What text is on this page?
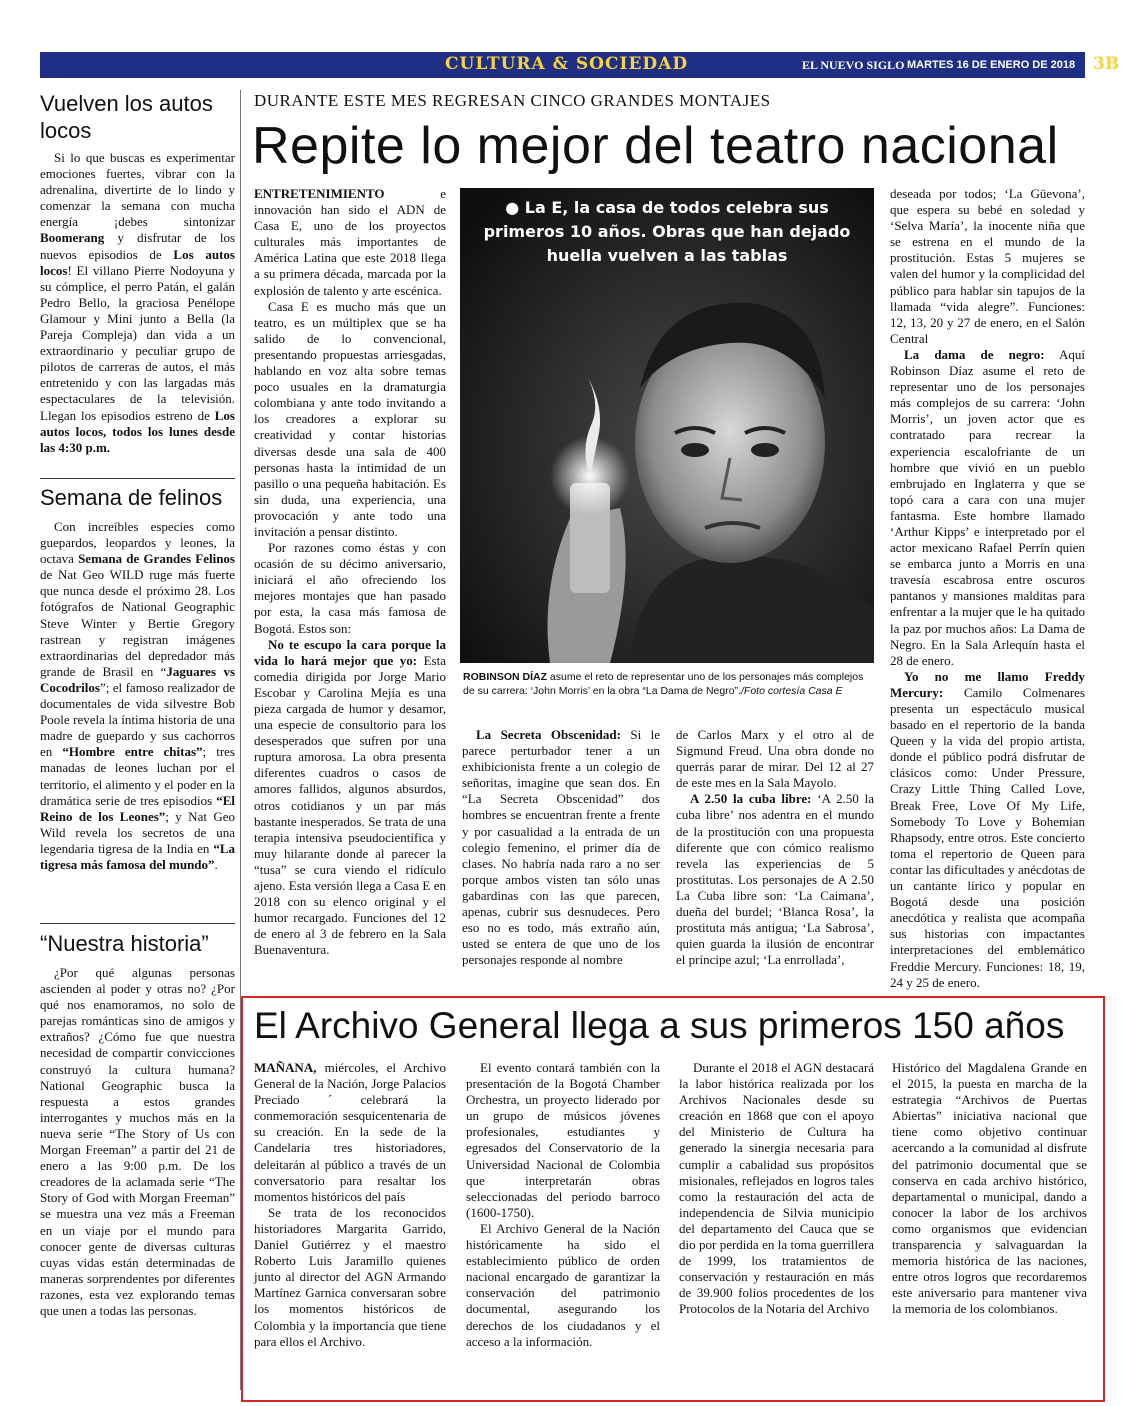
CULTURA & SOCIEDAD	EL NUEVO SIGLO MARTES 16 DE ENERO DE 2018 3B
Vuelven los autos locos

Si lo que buscas es experimentar emociones fuertes, vibrar con la adrenalina, divertirte de lo lindo y comenzar la semana con mucha energía ¡debes sintonizar Boomerang y disfrutar de los nuevos episodios de Los autos locos! El villano Pierre Nodoyuna y su cómplice, el perro Patán, el galán Pedro Bello, la graciosa Penélope Glamour y Mini junto a Bella (la Pareja Compleja) dan vida a un extraordinario y peculiar grupo de pilotos de carreras de autos, el más entretenido y con las largadas más espectaculares de la televisión. Llegan los episodios estreno de Los autos locos, todos los lunes desde las 4:30 p.m.

Semana de felinos

Con increíbles especies como guepardos, leopardos y leones, la octava Semana de Grandes Felinos de Nat Geo WILD ruge más fuerte que nunca desde el próximo 28. Los fotógrafos de National Geographic Steve Winter y Bertie Gregory rastrean y registran imágenes extraordinarias del depredador más grande de Brasil en “Jaguares vs Cocodrilos”; el famoso realizador de documentales de vida silvestre Bob Poole revela la íntima historia de una madre de guepardo y sus cachorros en “Hombre entre chitas”; tres manadas de leones luchan por el territorio, el alimento y el poder en la dramática serie de tres episodios “El Reino de los Leones”; y Nat Geo Wild revela los secretos de una legendaria tigresa de la India en “La tigresa más famosa del mundo”.

“Nuestra historia”

¿Por qué algunas personas ascienden al poder y otras no? ¿Por qué nos enamoramos, no solo de parejas románticas sino de amigos y extraños? ¿Cómo fue que nuestra necesidad de compartir convicciones construyó la cultura humana? National Geographic busca la respuesta a estos grandes interrogantes y muchos más en la nueva serie “The Story of Us con Morgan Freeman” a partir del 21 de enero a las 9:00 p.m. De los creadores de la aclamada serie “The Story of God with Morgan Freeman” se muestra una vez más a Freeman en un viaje por el mundo para conocer gente de diversas culturas cuyas vidas están determinadas de maneras sorprendentes por diferentes razones, esta vez explorando temas que unen a todas las personas.

DURANTE ESTE MES REGRESAN CINCO GRANDES MONTAJES
Repite lo mejor del teatro nacional

ENTRETENIMIENTO e innovación han sido el ADN de Casa E, uno de los proyectos culturales más importantes de América Latina que este 2018 llega a su primera década, marcada por la explosión de talento y arte escénica.

Casa E es mucho más que un teatro, es un múltiplex que se ha salido de lo convencional, presentando propuestas arriesgadas, hablando en voz alta sobre temas poco usuales en la dramaturgia colombiana y ante todo invitando a los creadores a explorar su creatividad y contar historias diversas desde una sala de 400 personas hasta la intimidad de un pasillo o una pequeña habitación. Es sin duda, una experiencia, una provocación y ante todo una invitación a pensar distinto.

Por razones como éstas y con ocasión de su décimo aniversario, iniciará el año ofreciendo los mejores montajes que han pasado por esta, la casa más famosa de Bogotá. Estos son:

No te escupo la cara porque la vida lo hará mejor que yo: Esta comedia dirigida por Jorge Mario Escobar y Carolina Mejía es una pieza cargada de humor y desamor, una especie de consultorio para los desesperados que sufren por una ruptura amorosa. La obra presenta diferentes cuadros o casos de amores fallidos, algunos absurdos, otros cotidianos y un par más bastante inesperados. Se trata de una terapia intensiva pseudocientífica y muy hilarante donde al parecer la “tusa” se cura viendo el ridículo ajeno. Esta versión llega a Casa E en 2018 con su elenco original y el humor recargado. Funciones del 12 de enero al 3 de febrero en la Sala Buenaventura.

● La E, la casa de todos celebra sus
primeros 10 años. Obras que han dejado
huella vuelven a las tablas
ROBINSON DÍAZ asume el reto de representar uno de los personajes más complejos de su carrera: ‘John Morris’ en la obra “La Dama de Negro”./Foto cortesía Casa E

La Secreta Obscenidad: Si le parece perturbador tener a un exhibicionista frente a un colegio de señoritas, imagine que sean dos. En “La Secreta Obscenidad” dos hombres se encuentran frente a frente y por casualidad a la entrada de un colegio femenino, el primer día de clases. No habría nada raro a no ser porque ambos visten tan sólo unas gabardinas con las que parecen, apenas, cubrir sus desnudeces. Pero eso no es todo, más extraño aún, usted se entera de que uno de los personajes responde al nombre

de Carlos Marx y el otro al de Sigmund Freud. Una obra donde no querrás parar de mirar. Del 12 al 27 de este mes en la Sala Mayolo.

A 2.50 la cuba libre: ‘A 2.50 la cuba libre’ nos adentra en el mundo de la prostitución con una propuesta diferente que con cómico realismo revela las experiencias de 5 prostitutas. Los personajes de A 2.50 La Cuba libre son: ‘La Caimana’, dueña del burdel; ‘Blanca Rosa’, la prostituta más antigua; ‘La Sabrosa’, quien guarda la ilusión de encontrar el príncipe azul; ‘La enrrollada’,

deseada por todos; ‘La Güevona’, que espera su bebé en soledad y ‘Selva María’, la inocente niña que se estrena en el mundo de la prostitución. Estas 5 mujeres se valen del humor y la complicidad del público para hablar sin tapujos de la llamada “vida alegre”. Funciones: 12, 13, 20 y 27 de enero, en el Salón Central

La dama de negro: Aquí Robinson Díaz asume el reto de representar uno de los personajes más complejos de su carrera: ‘John Morris’, un joven actor que es contratado para recrear la experiencia escalofriante de un hombre que vivió en un pueblo embrujado en Inglaterra y que se topó cara a cara con una mujer fantasma. Este hombre llamado ‘Arthur Kipps’ e interpretado por el actor mexicano Rafael Perrín quien se embarca junto a Morris en una travesía escabrosa entre oscuros pantanos y mansiones malditas para enfrentar a la mujer que le ha quitado la paz por muchos años: La Dama de Negro. En la Sala Arlequín hasta el 28 de enero.

Yo no me llamo Freddy Mercury: Camilo Colmenares presenta un espectáculo musical basado en el repertorio de la banda Queen y la vida del propio artista, donde el público podrá disfrutar de clásicos como: Under Pressure, Crazy Little Thing Called Love, Break Free, Love Of My Life, Somebody To Love y Bohemian Rhapsody, entre otros. Este concierto toma el repertorio de Queen para contar las dificultades y anécdotas de un cantante lírico y popular en Bogotá desde una posición anecdótica y realista que acompaña sus historias con impactantes interpretaciones del emblemático Freddie Mercury. Funciones: 18, 19, 24 y 25 de enero.

El Archivo General llega a sus primeros 150 años

MAÑANA, miércoles, el Archivo General de la Nación, Jorge Palacios Preciado ´ celebrará la conmemoración sesquicentenaria de su creación. En la sede de la Candelaria tres historiadores, deleitarán al público a través de un conversatorio para resaltar los momentos históricos del país

Se trata de los reconocidos historiadores Margarita Garrido, Daniel Gutiérrez y el maestro Roberto Luis Jaramillo quienes junto al director del AGN Armando Martínez Garnica conversaran sobre los momentos históricos de Colombia y la importancia que tiene para ellos el Archivo.

El evento contará también con la presentación de la Bogotá Chamber Orchestra, un proyecto liderado por un grupo de músicos jóvenes profesionales, estudiantes y egresados del Conservatorio de la Universidad Nacional de Colombia que interpretarán obras seleccionadas del periodo barroco (1600-1750).

El Archivo General de la Nación históricamente ha sido el establecimiento público de orden nacional encargado de garantizar la conservación del patrimonio documental, asegurando los derechos de los ciudadanos y el acceso a la información.

Durante el 2018 el AGN destacará la labor histórica realizada por los Archivos Nacionales desde su creación en 1868 que con el apoyo del Ministerio de Cultura ha generado la sinergia necesaria para cumplir a cabalidad sus propósitos misionales, reflejados en logros tales como la restauración del acta de independencia de Silvia municipio del departamento del Cauca que se dio por perdida en la toma guerrillera de 1999, los tratamientos de conservación y restauración en más de 39.900 folios procedentes de los Protocolos de la Notaria del Archivo

Histórico del Magdalena Grande en el 2015, la puesta en marcha de la estrategia “Archivos de Puertas Abiertas” iniciativa nacional que tiene como objetivo continuar acercando a la comunidad al disfrute del patrimonio documental que se conserva en cada archivo histórico, departamental o municipal, dando a conocer la labor de los archivos como organismos que evidencian transparencia y salvaguardan la memoria histórica de las naciones, entre otros logros que recordaremos este aniversario para mantener viva la memoria de los colombianos.
